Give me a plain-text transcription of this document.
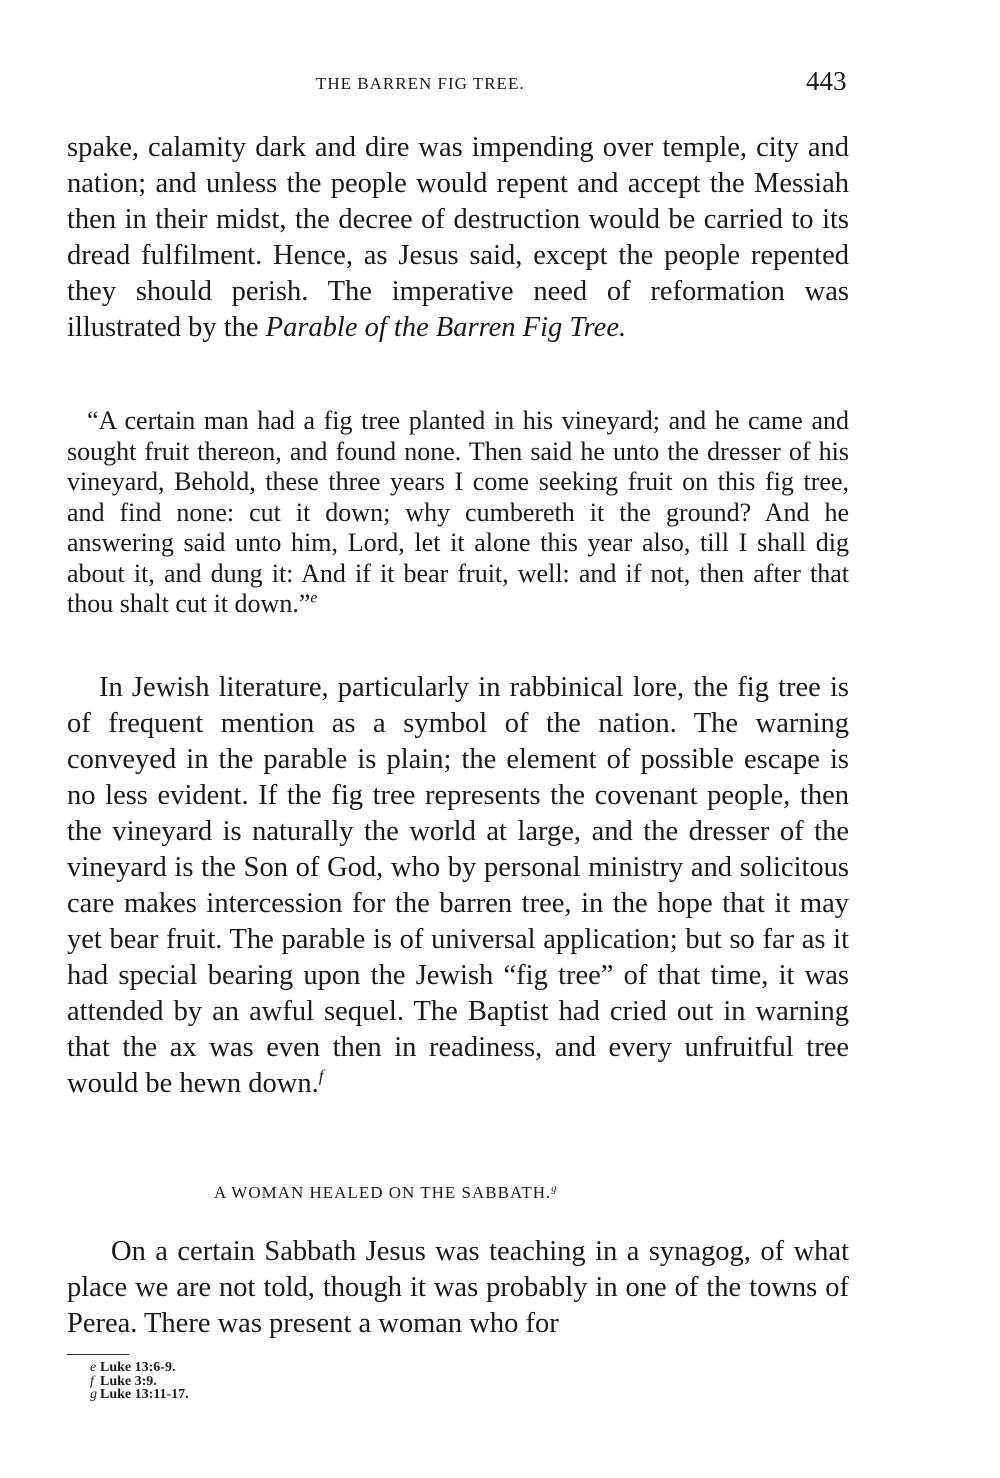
THE BARREN FIG TREE.	443

spake, calamity dark and dire was impending over temple, city and nation; and unless the people would repent and accept the Messiah then in their midst, the decree of destruction would be carried to its dread fulfilment. Hence, as Jesus said, except the people repented they should perish. The imperative need of reformation was illustrated by the Parable of the Barren Fig Tree.

“A certain man had a fig tree planted in his vineyard; and he came and sought fruit thereon, and found none. Then said he unto the dresser of his vineyard, Behold, these three years I come seeking fruit on this fig tree, and find none: cut it down; why cumbereth it the ground? And he answering said unto him, Lord, let it alone this year also, till I shall dig about it, and dung it: And if it bear fruit, well: and if not, then after that thou shalt cut it down.”$^e$

In Jewish literature, particularly in rabbinical lore, the fig tree is of frequent mention as a symbol of the nation. The warning conveyed in the parable is plain; the element of possible escape is no less evident. If the fig tree represents the covenant people, then the vineyard is naturally the world at large, and the dresser of the vineyard is the Son of God, who by personal ministry and solicitous care makes intercession for the barren tree, in the hope that it may yet bear fruit. The parable is of universal application; but so far as it had special bearing upon the Jewish “fig tree” of that time, it was attended by an awful sequel. The Baptist had cried out in warning that the ax was even then in readiness, and every unfruitful tree would be hewn down.$^f$

A WOMAN HEALED ON THE SABBATH.$^g$

On a certain Sabbath Jesus was teaching in a synagog, of what place we are not told, though it was probably in one of the towns of Perea. There was present a woman who for

e Luke 13:6-9.
f Luke 3:9.
g Luke 13:11-17.
